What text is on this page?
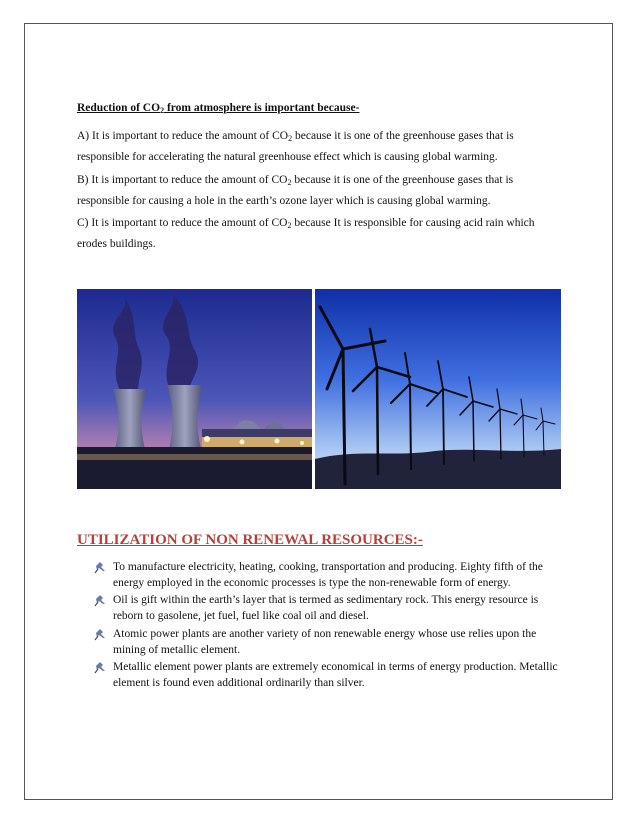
Reduction of $CO_2$ from atmosphere is important because-
A) It is important to reduce the amount of $CO_2$ because it is one of the greenhouse gases that is responsible for accelerating the natural greenhouse effect which is causing global warming.
B) It is important to reduce the amount of $CO_2$ because it is one of the greenhouse gases that is responsible for causing a hole in the earth’s ozone layer which is causing global warming.
C) It is important to reduce the amount of $CO_2$ because It is responsible for causing acid rain which erodes buildings.
UTILIZATION OF NON RENEWAL RESOURCES:-
To manufacture electricity, heating, cooking, transportation and producing. Eighty fifth of the energy employed in the economic processes is type the non-renewable form of energy.
Oil is gift within the earth’s layer that is termed as sedimentary rock. This energy resource is reborn to gasolene, jet fuel, fuel like coal oil and diesel.
Atomic power plants are another variety of non renewable energy whose use relies upon the mining of metallic element.
Metallic element power plants are extremely economical in terms of energy production. Metallic element is found even additional ordinarily than silver.
